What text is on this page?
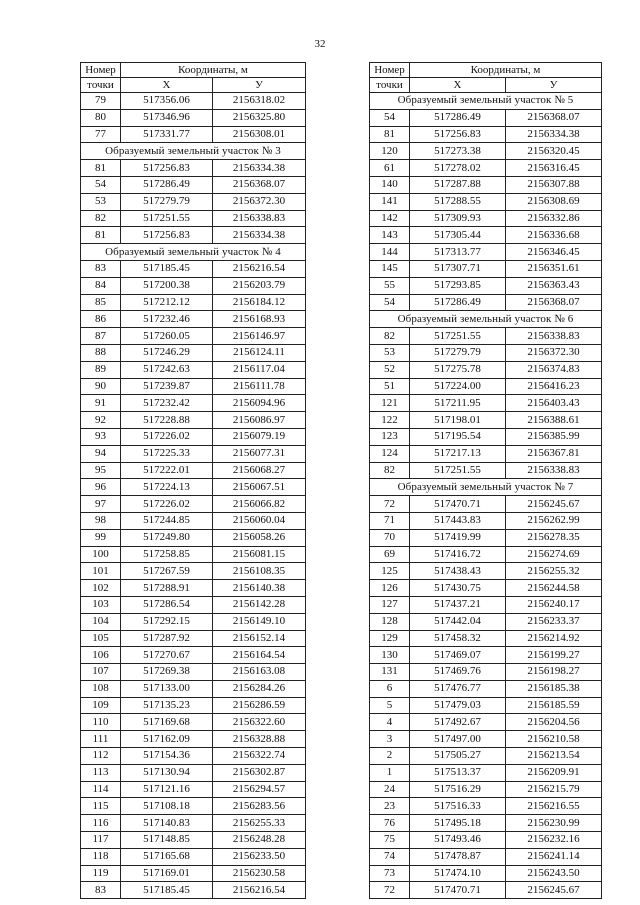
32
Номер	Координаты, м	
точки	X	У
79	517356.06	2156318.02
80	517346.96	2156325.80
77	517331.77	2156308.01
Образуемый земельный участок № 3		
81	517256.83	2156334.38
54	517286.49	2156368.07
53	517279.79	2156372.30
82	517251.55	2156338.83
81	517256.83	2156334.38
Образуемый земельный участок № 4		
83	517185.45	2156216.54
84	517200.38	2156203.79
85	517212.12	2156184.12
86	517232.46	2156168.93
87	517260.05	2156146.97
88	517246.29	2156124.11
89	517242.63	2156117.04
90	517239.87	2156111.78
91	517232.42	2156094.96
92	517228.88	2156086.97
93	517226.02	2156079.19
94	517225.33	2156077.31
95	517222.01	2156068.27
96	517224.13	2156067.51
97	517226.02	2156066.82
98	517244.85	2156060.04
99	517249.80	2156058.26
100	517258.85	2156081.15
101	517267.59	2156108.35
102	517288.91	2156140.38
103	517286.54	2156142.28
104	517292.15	2156149.10
105	517287.92	2156152.14
106	517270.67	2156164.54
107	517269.38	2156163.08
108	517133.00	2156284.26
109	517135.23	2156286.59
110	517169.68	2156322.60
111	517162.09	2156328.88
112	517154.36	2156322.74
113	517130.94	2156302.87
114	517121.16	2156294.57
115	517108.18	2156283.56
116	517140.83	2156255.33
117	517148.85	2156248.28
118	517165.68	2156233.50
119	517169.01	2156230.58
83	517185.45	2156216.54
Номер	Координаты, м	
точки	X	У
Образуемый земельный участок № 5		
54	517286.49	2156368.07
81	517256.83	2156334.38
120	517273.38	2156320.45
61	517278.02	2156316.45
140	517287.88	2156307.88
141	517288.55	2156308.69
142	517309.93	2156332.86
143	517305.44	2156336.68
144	517313.77	2156346.45
145	517307.71	2156351.61
55	517293.85	2156363.43
54	517286.49	2156368.07
Образуемый земельный участок № 6		
82	517251.55	2156338.83
53	517279.79	2156372.30
52	517275.78	2156374.83
51	517224.00	2156416.23
121	517211.95	2156403.43
122	517198.01	2156388.61
123	517195.54	2156385.99
124	517217.13	2156367.81
82	517251.55	2156338.83
Образуемый земельный участок № 7		
72	517470.71	2156245.67
71	517443.83	2156262.99
70	517419.99	2156278.35
69	517416.72	2156274.69
125	517438.43	2156255.32
126	517430.75	2156244.58
127	517437.21	2156240.17
128	517442.04	2156233.37
129	517458.32	2156214.92
130	517469.07	2156199.27
131	517469.76	2156198.27
6	517476.77	2156185.38
5	517479.03	2156185.59
4	517492.67	2156204.56
3	517497.00	2156210.58
2	517505.27	2156213.54
1	517513.37	2156209.91
24	517516.29	2156215.79
23	517516.33	2156216.55
76	517495.18	2156230.99
75	517493.46	2156232.16
74	517478.87	2156241.14
73	517474.10	2156243.50
72	517470.71	2156245.67
